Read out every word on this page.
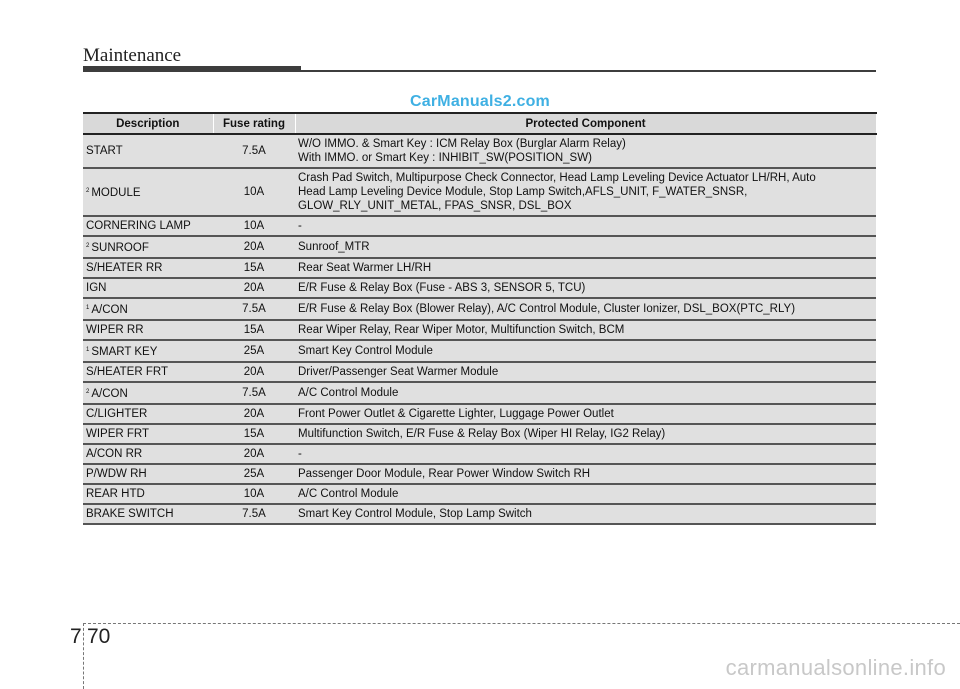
Maintenance
CarManuals2.com
Description	Fuse rating	Protected Component
START	7.5A	W/O IMMO. & Smart Key : ICM Relay Box (Burglar Alarm Relay)
With IMMO. or Smart Key : INHIBIT_SW(POSITION_SW)
$^2$ MODULE	10A	Crash Pad Switch, Multipurpose Check Connector, Head Lamp Leveling Device Actuator LH/RH, Auto
Head Lamp Leveling Device Module, Stop Lamp Switch,AFLS_UNIT, F_WATER_SNSR,
GLOW_RLY_UNIT_METAL, FPAS_SNSR, DSL_BOX
CORNERING LAMP	10A	-
$^2$ SUNROOF	20A	Sunroof_MTR
S/HEATER RR	15A	Rear Seat Warmer LH/RH
IGN	20A	E/R Fuse & Relay Box (Fuse - ABS 3, SENSOR 5, TCU)
$^1$ A/CON	7.5A	E/R Fuse & Relay Box (Blower Relay), A/C Control Module, Cluster Ionizer, DSL_BOX(PTC_RLY)
WIPER RR	15A	Rear Wiper Relay, Rear Wiper Motor, Multifunction Switch, BCM
$^1$ SMART KEY	25A	Smart Key Control Module
S/HEATER FRT	20A	Driver/Passenger Seat Warmer Module
$^2$ A/CON	7.5A	A/C Control Module
C/LIGHTER	20A	Front Power Outlet & Cigarette Lighter, Luggage Power Outlet
WIPER FRT	15A	Multifunction Switch, E/R Fuse & Relay Box (Wiper HI Relay, IG2 Relay)
A/CON RR	20A	-
P/WDW RH	25A	Passenger Door Module, Rear Power Window Switch RH
REAR HTD	10A	A/C Control Module
BRAKE SWITCH	7.5A	Smart Key Control Module, Stop Lamp Switch
7 70
carmanualsonline.info
